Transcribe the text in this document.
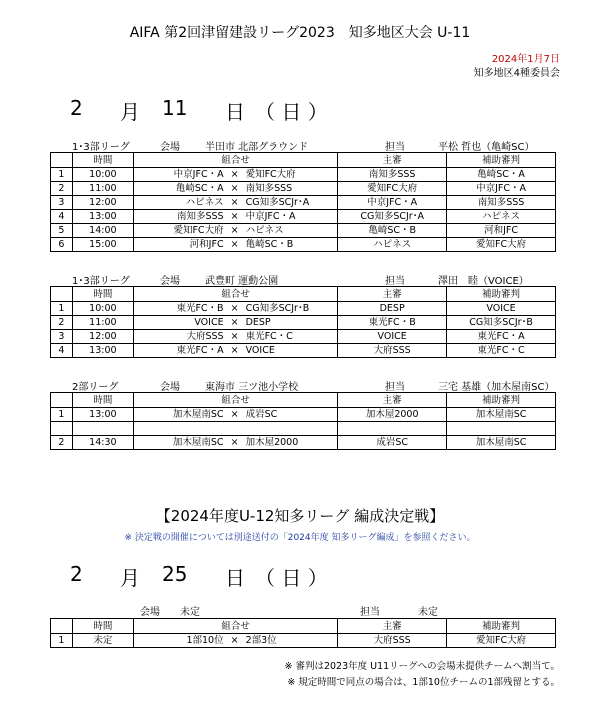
AIFA 第2回津留建設リーグ2023　知多地区大会 U-11
2024年1月7日
知多地区4種委員会
2 月 11 日 （ 日 ）
1･3部リーグ	会場	半田市 北部グラウンド	担当	平松 哲也（亀崎SC）
	時間	組合せ	主審	補助審判
1	10:00	中京JFC・A × 愛知FC大府	南知多SSS	亀崎SC・A
2	11:00	亀崎SC・A × 南知多SSS	愛知FC大府	中京JFC・A
3	12:00	ハピネス × CG知多SCJr･A	中京JFC・A	南知多SSS
4	13:00	南知多SSS × 中京JFC・A	CG知多SCJr･A	ハピネス
5	14:00	愛知FC大府 × ハピネス	亀崎SC・B	河和JFC
6	15:00	河和JFC × 亀崎SC・B	ハピネス	愛知FC大府
1･3部リーグ	会場	武豊町 運動公園	担当	澤田　睦（VOICE）
	時間	組合せ	主審	補助審判
1	10:00	東光FC・B × CG知多SCJr･B	DESP	VOICE
2	11:00	VOICE × DESP	東光FC・B	CG知多SCJr･B
3	12:00	大府SSS × 東光FC・C	VOICE	東光FC・A
4	13:00	東光FC・A × VOICE	大府SSS	東光FC・C
2部リーグ	会場	東海市 三ツ池小学校	担当	三宅 基雄（加木屋南SC）
	時間	組合せ	主審	補助審判
1	13:00	加木屋南SC × 成岩SC	加木屋2000	加木屋南SC

2	14:30	加木屋南SC × 加木屋2000	成岩SC	加木屋南SC
【2024年度U-12知多リーグ 編成決定戦】
※ 決定戦の開催については別途送付の「2024年度 知多リーグ編成」を参照ください。
2 月 25 日 （ 日 ）
会場 未定	担当	未定
	時間	組合せ	主審	補助審判
1	未定	1部10位 × 2部3位	大府SSS	愛知FC大府
※ 審判は2023年度 U11リーグへの会場未提供チームへ割当て。
※ 規定時間で同点の場合は、1部10位チームの1部残留とする。
